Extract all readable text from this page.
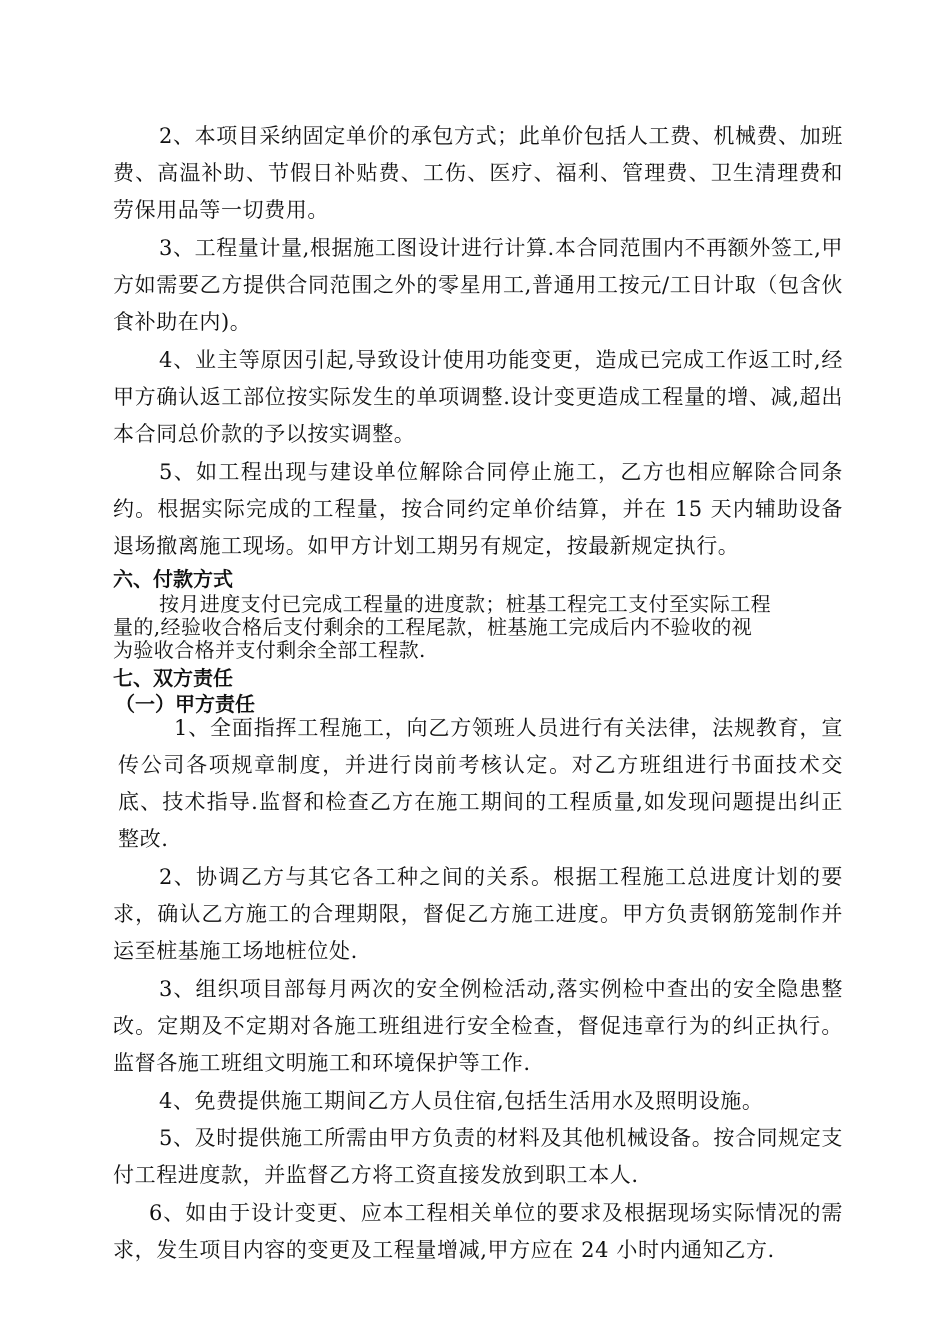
2、本项目采纳固定单价的承包方式；此单价包括人工费、机械费、加班费、高温补助、节假日补贴费、工伤、医疗、福利、管理费、卫生清理费和劳保用品等一切费用。
3、工程量计量,根据施工图设计进行计算.本合同范围内不再额外签工,甲方如需要乙方提供合同范围之外的零星用工,普通用工按元/工日计取（包含伙食补助在内)。
4、业主等原因引起,导致设计使用功能变更，造成已完成工作返工时,经甲方确认返工部位按实际发生的单项调整.设计变更造成工程量的增、减,超出本合同总价款的予以按实调整。
5、如工程出现与建设单位解除合同停止施工，乙方也相应解除合同条约。根据实际完成的工程量，按合同约定单价结算，并在 15 天内辅助设备退场撤离施工现场。如甲方计划工期另有规定，按最新规定执行。
六、付款方式
按月进度支付已完成工程量的进度款；桩基工程完工支付至实际工程
量的,经验收合格后支付剩余的工程尾款，桩基施工完成后内不验收的视
为验收合格并支付剩余全部工程款.
七、双方责任
（一）甲方责任
1、全面指挥工程施工，向乙方领班人员进行有关法律，法规教育，宣传公司各项规章制度，并进行岗前考核认定。对乙方班组进行书面技术交底、技术指导.监督和检查乙方在施工期间的工程质量,如发现问题提出纠正整改.
2、协调乙方与其它各工种之间的关系。根据工程施工总进度计划的要求，确认乙方施工的合理期限，督促乙方施工进度。甲方负责钢筋笼制作并运至桩基施工场地桩位处.
3、组织项目部每月两次的安全例检活动,落实例检中查出的安全隐患整改。定期及不定期对各施工班组进行安全检查，督促违章行为的纠正执行。监督各施工班组文明施工和环境保护等工作.
4、免费提供施工期间乙方人员住宿,包括生活用水及照明设施。
5、及时提供施工所需由甲方负责的材料及其他机械设备。按合同规定支付工程进度款，并监督乙方将工资直接发放到职工本人.
6、如由于设计变更、应本工程相关单位的要求及根据现场实际情况的需求，发生项目内容的变更及工程量增减,甲方应在 24 小时内通知乙方.
